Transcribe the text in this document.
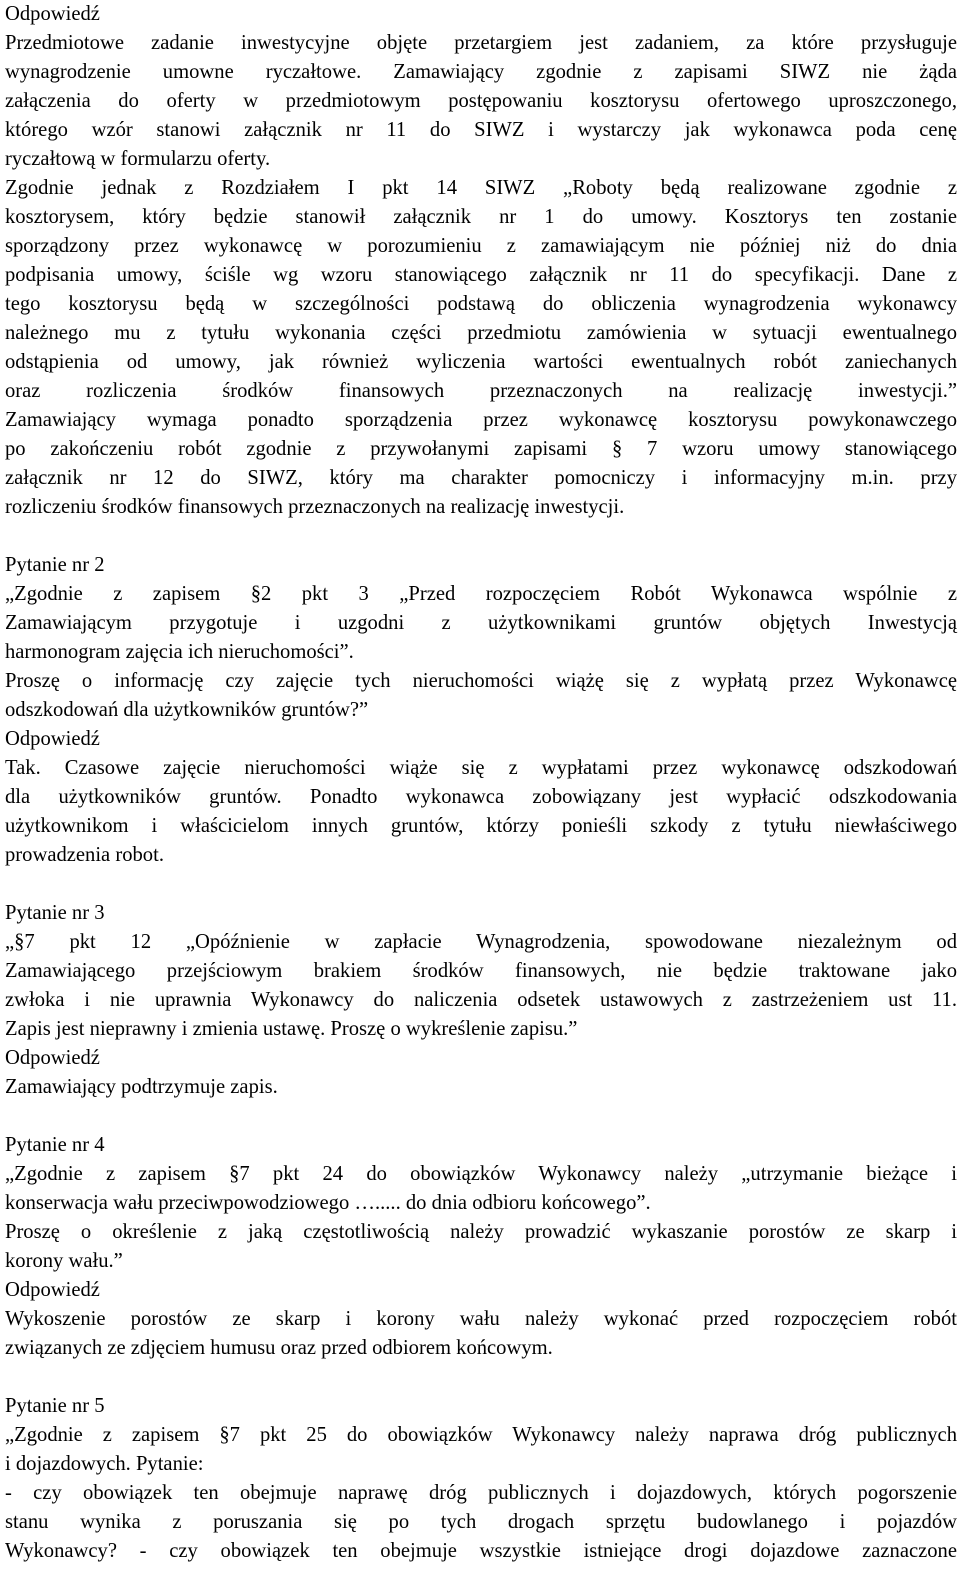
Odpowiedź
Przedmiotowe zadanie inwestycyjne objęte przetargiem jest zadaniem, za które przysługuje
wynagrodzenie umowne ryczałtowe. Zamawiający zgodnie z zapisami SIWZ nie żąda
załączenia do oferty w przedmiotowym postępowaniu kosztorysu ofertowego uproszczonego,
którego wzór stanowi załącznik nr 11 do SIWZ i wystarczy jak wykonawca poda cenę
ryczałtową w formularzu oferty.
Zgodnie jednak z Rozdziałem I pkt 14 SIWZ „Roboty będą realizowane zgodnie z
kosztorysem, który będzie stanowił załącznik nr 1 do umowy. Kosztorys ten zostanie
sporządzony przez wykonawcę w porozumieniu z zamawiającym nie później niż do dnia
podpisania umowy, ściśle wg wzoru stanowiącego załącznik nr 11 do specyfikacji. Dane z
tego kosztorysu będą w szczególności podstawą do obliczenia wynagrodzenia wykonawcy
należnego mu z tytułu wykonania części przedmiotu zamówienia w sytuacji ewentualnego
odstąpienia od umowy, jak również wyliczenia wartości ewentualnych robót zaniechanych
oraz rozliczenia środków finansowych przeznaczonych na realizację inwestycji.”
Zamawiający wymaga ponadto sporządzenia przez wykonawcę kosztorysu powykonawczego
po zakończeniu robót zgodnie z przywołanymi zapisami § 7 wzoru umowy stanowiącego
załącznik nr 12 do SIWZ, który ma charakter pomocniczy i informacyjny m.in. przy
rozliczeniu środków finansowych przeznaczonych na realizację inwestycji.
Pytanie nr 2
„Zgodnie z zapisem §2 pkt 3 „Przed rozpoczęciem Robót Wykonawca wspólnie z
Zamawiającym przygotuje i uzgodni z użytkownikami gruntów objętych Inwestycją
harmonogram zajęcia ich nieruchomości”.
Proszę o informację czy zajęcie tych nieruchomości wiążę się z wypłatą przez Wykonawcę
odszkodowań dla użytkowników gruntów?”
Odpowiedź
Tak. Czasowe zajęcie nieruchomości wiąże się z wypłatami przez wykonawcę odszkodowań
dla użytkowników gruntów. Ponadto wykonawca zobowiązany jest wypłacić odszkodowania
użytkownikom i właścicielom innych gruntów, którzy ponieśli szkody z tytułu niewłaściwego
prowadzenia robot.
Pytanie nr 3
„§7 pkt 12 „Opóźnienie w zapłacie Wynagrodzenia, spowodowane niezależnym od
Zamawiającego przejściowym brakiem środków finansowych, nie będzie traktowane jako
zwłoka i nie uprawnia Wykonawcy do naliczenia odsetek ustawowych z zastrzeżeniem ust 11.
Zapis jest nieprawny i zmienia ustawę. Proszę o wykreślenie zapisu.”
Odpowiedź
Zamawiający podtrzymuje zapis.
Pytanie nr 4
„Zgodnie z zapisem §7 pkt 24 do obowiązków Wykonawcy należy „utrzymanie bieżące i
konserwacja wału przeciwpowodziowego …..... do dnia odbioru końcowego”.
Proszę o określenie z jaką częstotliwością należy prowadzić wykaszanie porostów ze skarp i
korony wału.”
Odpowiedź
Wykoszenie porostów ze skarp i korony wału należy wykonać przed rozpoczęciem robót
związanych ze zdjęciem humusu oraz przed odbiorem końcowym.
Pytanie nr 5
„Zgodnie z zapisem §7 pkt 25 do obowiązków Wykonawcy należy naprawa dróg publicznych
i dojazdowych. Pytanie:
- czy obowiązek ten obejmuje naprawę dróg publicznych i dojazdowych, których pogorszenie
stanu wynika z poruszania się po tych drogach sprzętu budowlanego i pojazdów
Wykonawcy? - czy obowiązek ten obejmuje wszystkie istniejące drogi dojazdowe zaznaczone
